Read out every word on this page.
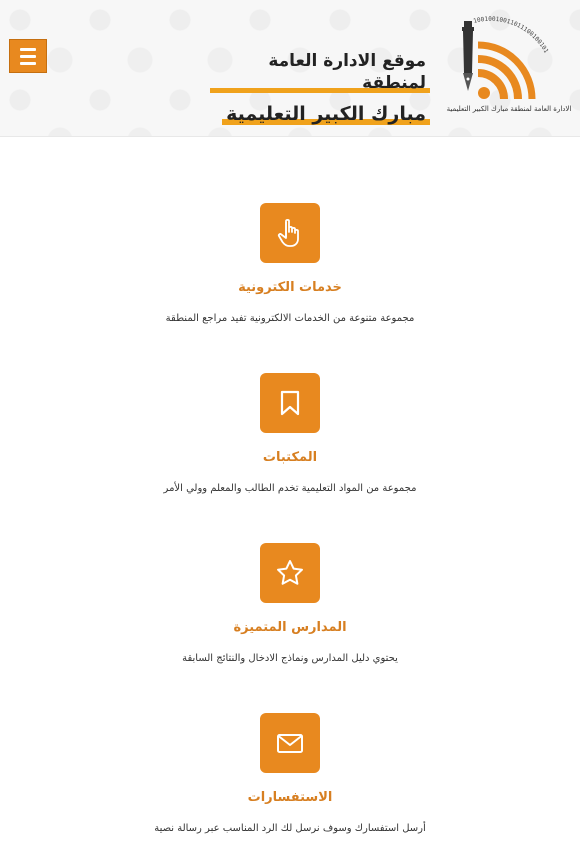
موقع الادارة العامة لمنطقة
مبارك الكبير التعليمية
10010010011011100100101
الادارة العامة لمنطقة مبارك الكبير التعليمية
خدمات الكترونية
مجموعة متنوعة من الخدمات الالكترونية تفيد مراجع المنطقة
المكتبات
مجموعة من المواد التعليمية تخدم الطالب والمعلم وولي الأمر
المدارس المتميزة
يحتوي دليل المدارس ونماذج الادخال والنتائج السابقة
الاستفسارات
أرسل استفسارك وسوف نرسل لك الرد المناسب عبر رسالة نصية
